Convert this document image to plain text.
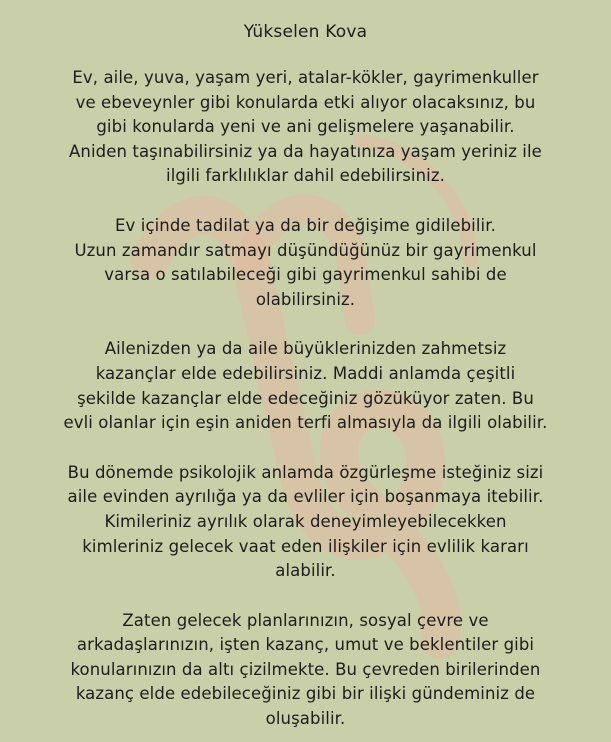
Yükselen Kova
Ev, aile, yuva, yaşam yeri, atalar-kökler, gayrimenkuller
ve ebeveynler gibi konularda etki alıyor olacaksınız, bu
gibi konularda yeni ve ani gelişmelere yaşanabilir.
Aniden taşınabilirsiniz ya da hayatınıza yaşam yeriniz ile
ilgili farklılıklar dahil edebilirsiniz.
Ev içinde tadilat ya da bir değişime gidilebilir.
Uzun zamandır satmayı düşündüğünüz bir gayrimenkul
varsa o satılabileceği gibi gayrimenkul sahibi de
olabilirsiniz.
Ailenizden ya da aile büyüklerinizden zahmetsiz
kazançlar elde edebilirsiniz. Maddi anlamda çeşitli
şekilde kazançlar elde edeceğiniz gözüküyor zaten. Bu
evli olanlar için eşin aniden terfi almasıyla da ilgili olabilir.
Bu dönemde psikolojik anlamda özgürleşme isteğiniz sizi
aile evinden ayrılığa ya da evliler için boşanmaya itebilir.
Kimileriniz ayrılık olarak deneyimleyebilecekken
kimleriniz gelecek vaat eden ilişkiler için evlilik kararı
alabilir.
Zaten gelecek planlarınızın, sosyal çevre ve
arkadaşlarınızın, işten kazanç, umut ve beklentiler gibi
konularınızın da altı çizilmekte. Bu çevreden birilerinden
kazanç elde edebileceğiniz gibi bir ilişki gündeminiz de
oluşabilir.
